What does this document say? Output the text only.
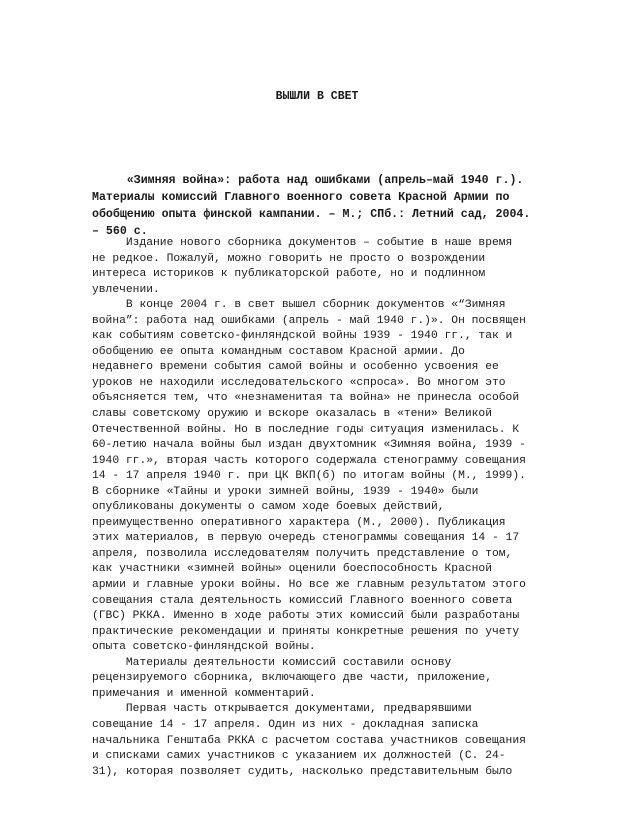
ВЫШЛИ В СВЕТ
«Зимняя война»: работа над ошибками (апрель–май 1940 г.).
Материалы комиссий Главного военного совета Красной Армии по
обобщению опыта финской кампании. – М.; СПб.: Летний сад, 2004.
– 560 с.
Издание нового сборника документов – событие в наше время
не редкое. Пожалуй, можно говорить не просто о возрождении
интереса историков к публикаторской работе, но и подлинном
увлечении.
В конце 2004 г. в свет вышел сборник документов «“Зимняя
война”: работа над ошибками (апрель - май 1940 г.)». Он посвящен
как событиям советско-финляндской войны 1939 - 1940 гг., так и
обобщению ее опыта командным составом Красной армии. До
недавнего времени события самой войны и особенно усвоения ее
уроков не находили исследовательского «спроса». Во многом это
объясняется тем, что «незнаменитая та война» не принесла особой
славы советскому оружию и вскоре оказалась в «тени» Великой
Отечественной войны. Но в последние годы ситуация изменилась. К
60-летию начала войны был издан двухтомник «Зимняя война, 1939 -
1940 гг.», вторая часть которого содержала стенограмму совещания
14 - 17 апреля 1940 г. при ЦК ВКП(б) по итогам войны (М., 1999).
В сборнике «Тайны и уроки зимней войны, 1939 - 1940» были
опубликованы документы о самом ходе боевых действий,
преимущественно оперативного характера (М., 2000). Публикация
этих материалов, в первую очередь стенограммы совещания 14 - 17
апреля, позволила исследователям получить представление о том,
как участники «зимней войны» оценили боеспособность Красной
армии и главные уроки войны. Но все же главным результатом этого
совещания стала деятельность комиссий Главного военного совета
(ГВС) РККА. Именно в ходе работы этих комиссий были разработаны
практические рекомендации и приняты конкретные решения по учету
опыта советско-финляндской войны.
Материалы деятельности комиссий составили основу
рецензируемого сборника, включающего две части, приложение,
примечания и именной комментарий.
Первая часть открывается документами, предварявшими
совещание 14 - 17 апреля. Один из них - докладная записка
начальника Генштаба РККА с расчетом состава участников совещания
и списками самих участников с указанием их должностей (С. 24-
31), которая позволяет судить, насколько представительным было
